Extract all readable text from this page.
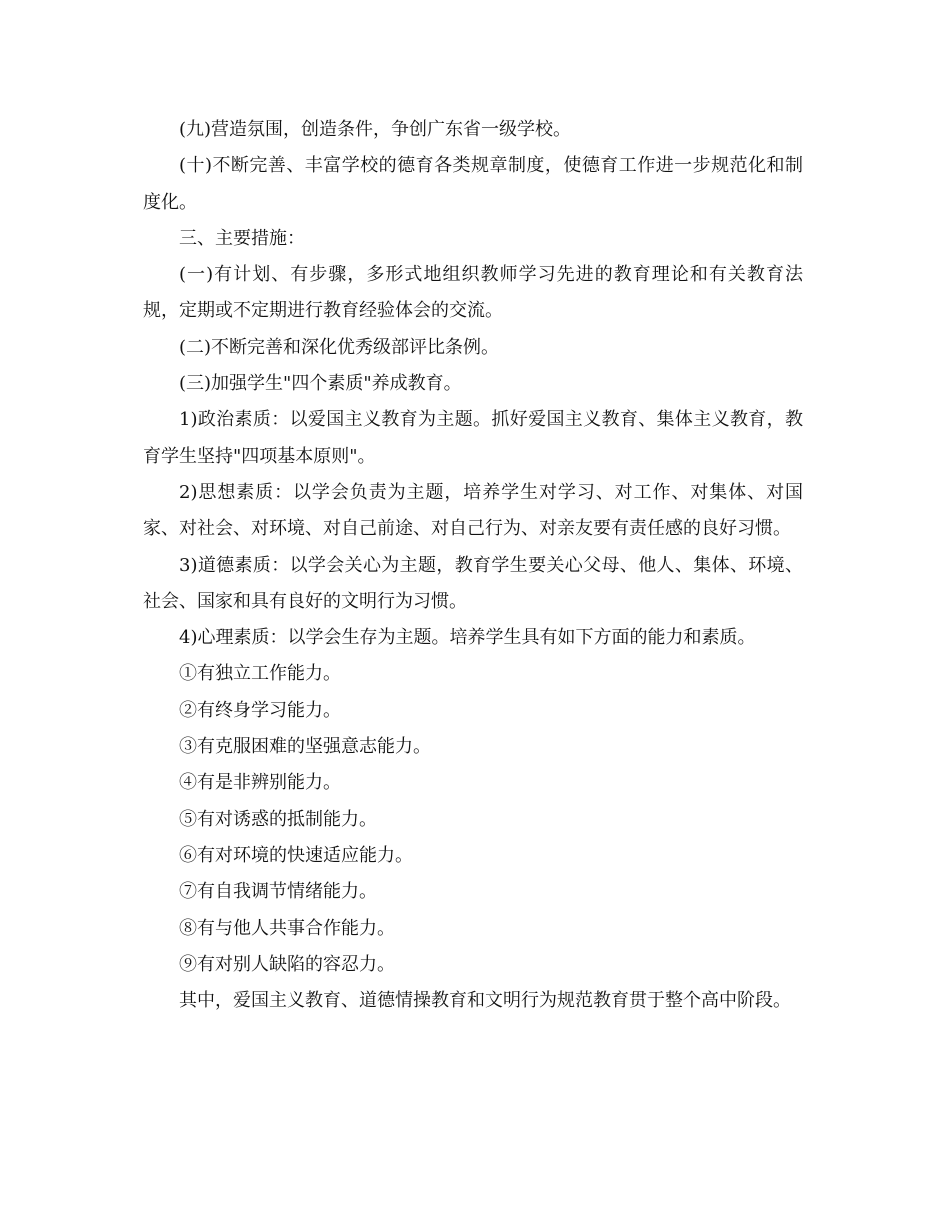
(九)营造氛围，创造条件，争创广东省一级学校。

(十)不断完善、丰富学校的德育各类规章制度，使德育工作进一步规范化和制度化。

三、主要措施：

(一)有计划、有步骤，多形式地组织教师学习先进的教育理论和有关教育法规，定期或不定期进行教育经验体会的交流。

(二)不断完善和深化优秀级部评比条例。

(三)加强学生"四个素质"养成教育。

1)政治素质：以爱国主义教育为主题。抓好爱国主义教育、集体主义教育，教育学生坚持"四项基本原则"。

2)思想素质：以学会负责为主题，培养学生对学习、对工作、对集体、对国家、对社会、对环境、对自己前途、对自己行为、对亲友要有责任感的良好习惯。

3)道德素质：以学会关心为主题，教育学生要关心父母、他人、集体、环境、社会、国家和具有良好的文明行为习惯。

4)心理素质：以学会生存为主题。培养学生具有如下方面的能力和素质。

①有独立工作能力。

②有终身学习能力。

③有克服困难的坚强意志能力。

④有是非辨别能力。

⑤有对诱惑的抵制能力。

⑥有对环境的快速适应能力。

⑦有自我调节情绪能力。

⑧有与他人共事合作能力。

⑨有对别人缺陷的容忍力。

其中，爱国主义教育、道德情操教育和文明行为规范教育贯于整个高中阶段。
